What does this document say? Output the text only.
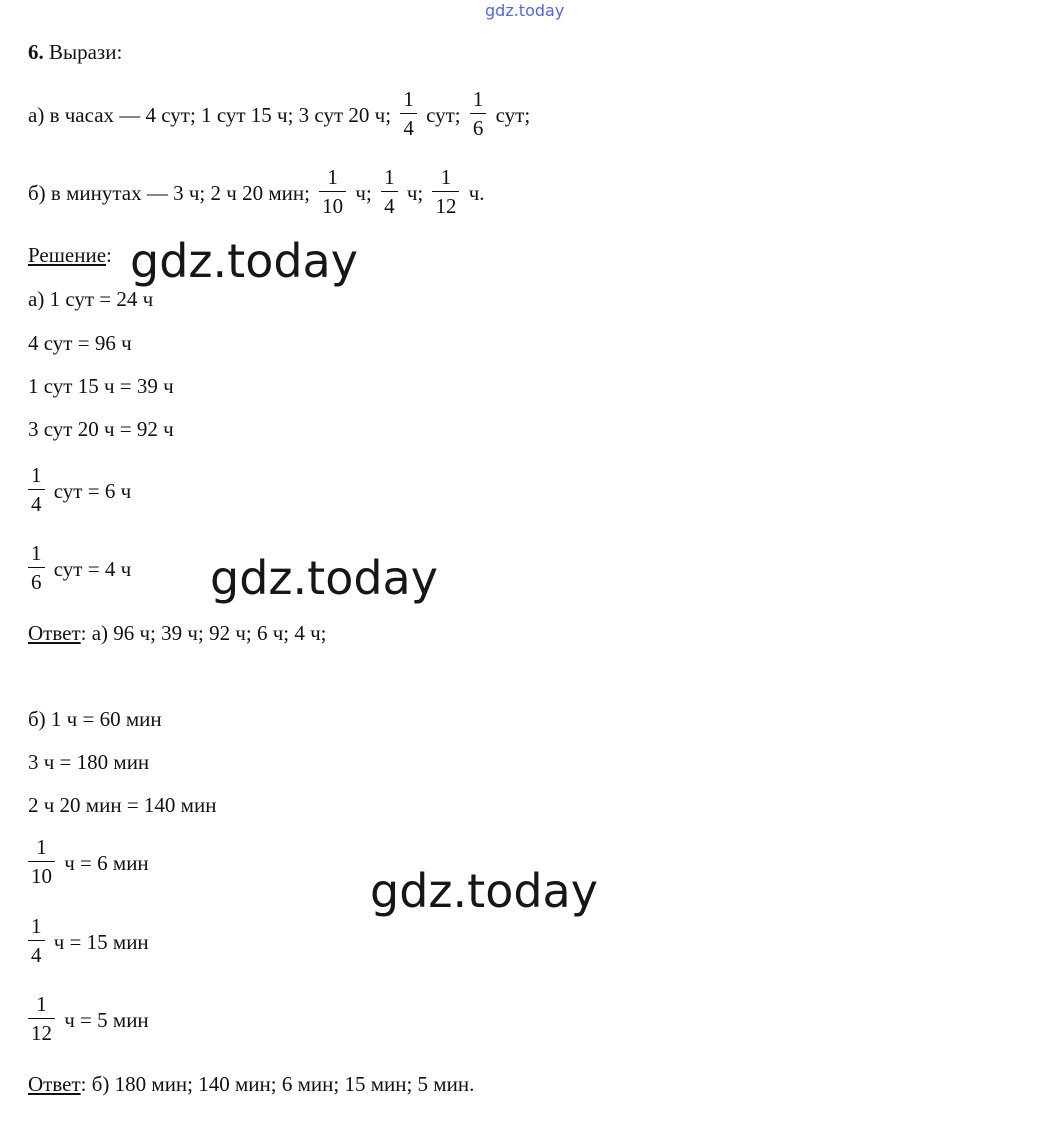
gdz.today
6. Вырази:
а) в часах — 4 сут; 1 сут 15 ч; 3 сут 20 ч; $\frac{1}{4}$ сут; $\frac{1}{6}$ сут;
б) в минутах — 3 ч; 2 ч 20 мин; $\frac{1}{10} ч$; $\frac{1}{4} ч$; $\frac{1}{12} ч$.
Решение:
а) 1 сут = 24 ч
4 сут = 96 ч
1 сут 15 ч = 39 ч
3 сут 20 ч = 92 ч
$\frac{1}{4}$ сут = 6 ч
$\frac{1}{6}$ сут = 4 ч
Ответ: а) 96 ч; 39 ч; 92 ч; 6 ч; 4 ч;
б) 1 ч = 60 мин
3 ч = 180 мин
2 ч 20 мин = 140 мин
$\frac{1}{10}$ ч = 6 мин
$\frac{1}{4}$ ч = 15 мин
$\frac{1}{12}$ ч = 5 мин
Ответ: б) 180 мин; 140 мин; 6 мин; 15 мин; 5 мин.
gdz.today
gdz.today
gdz.today
